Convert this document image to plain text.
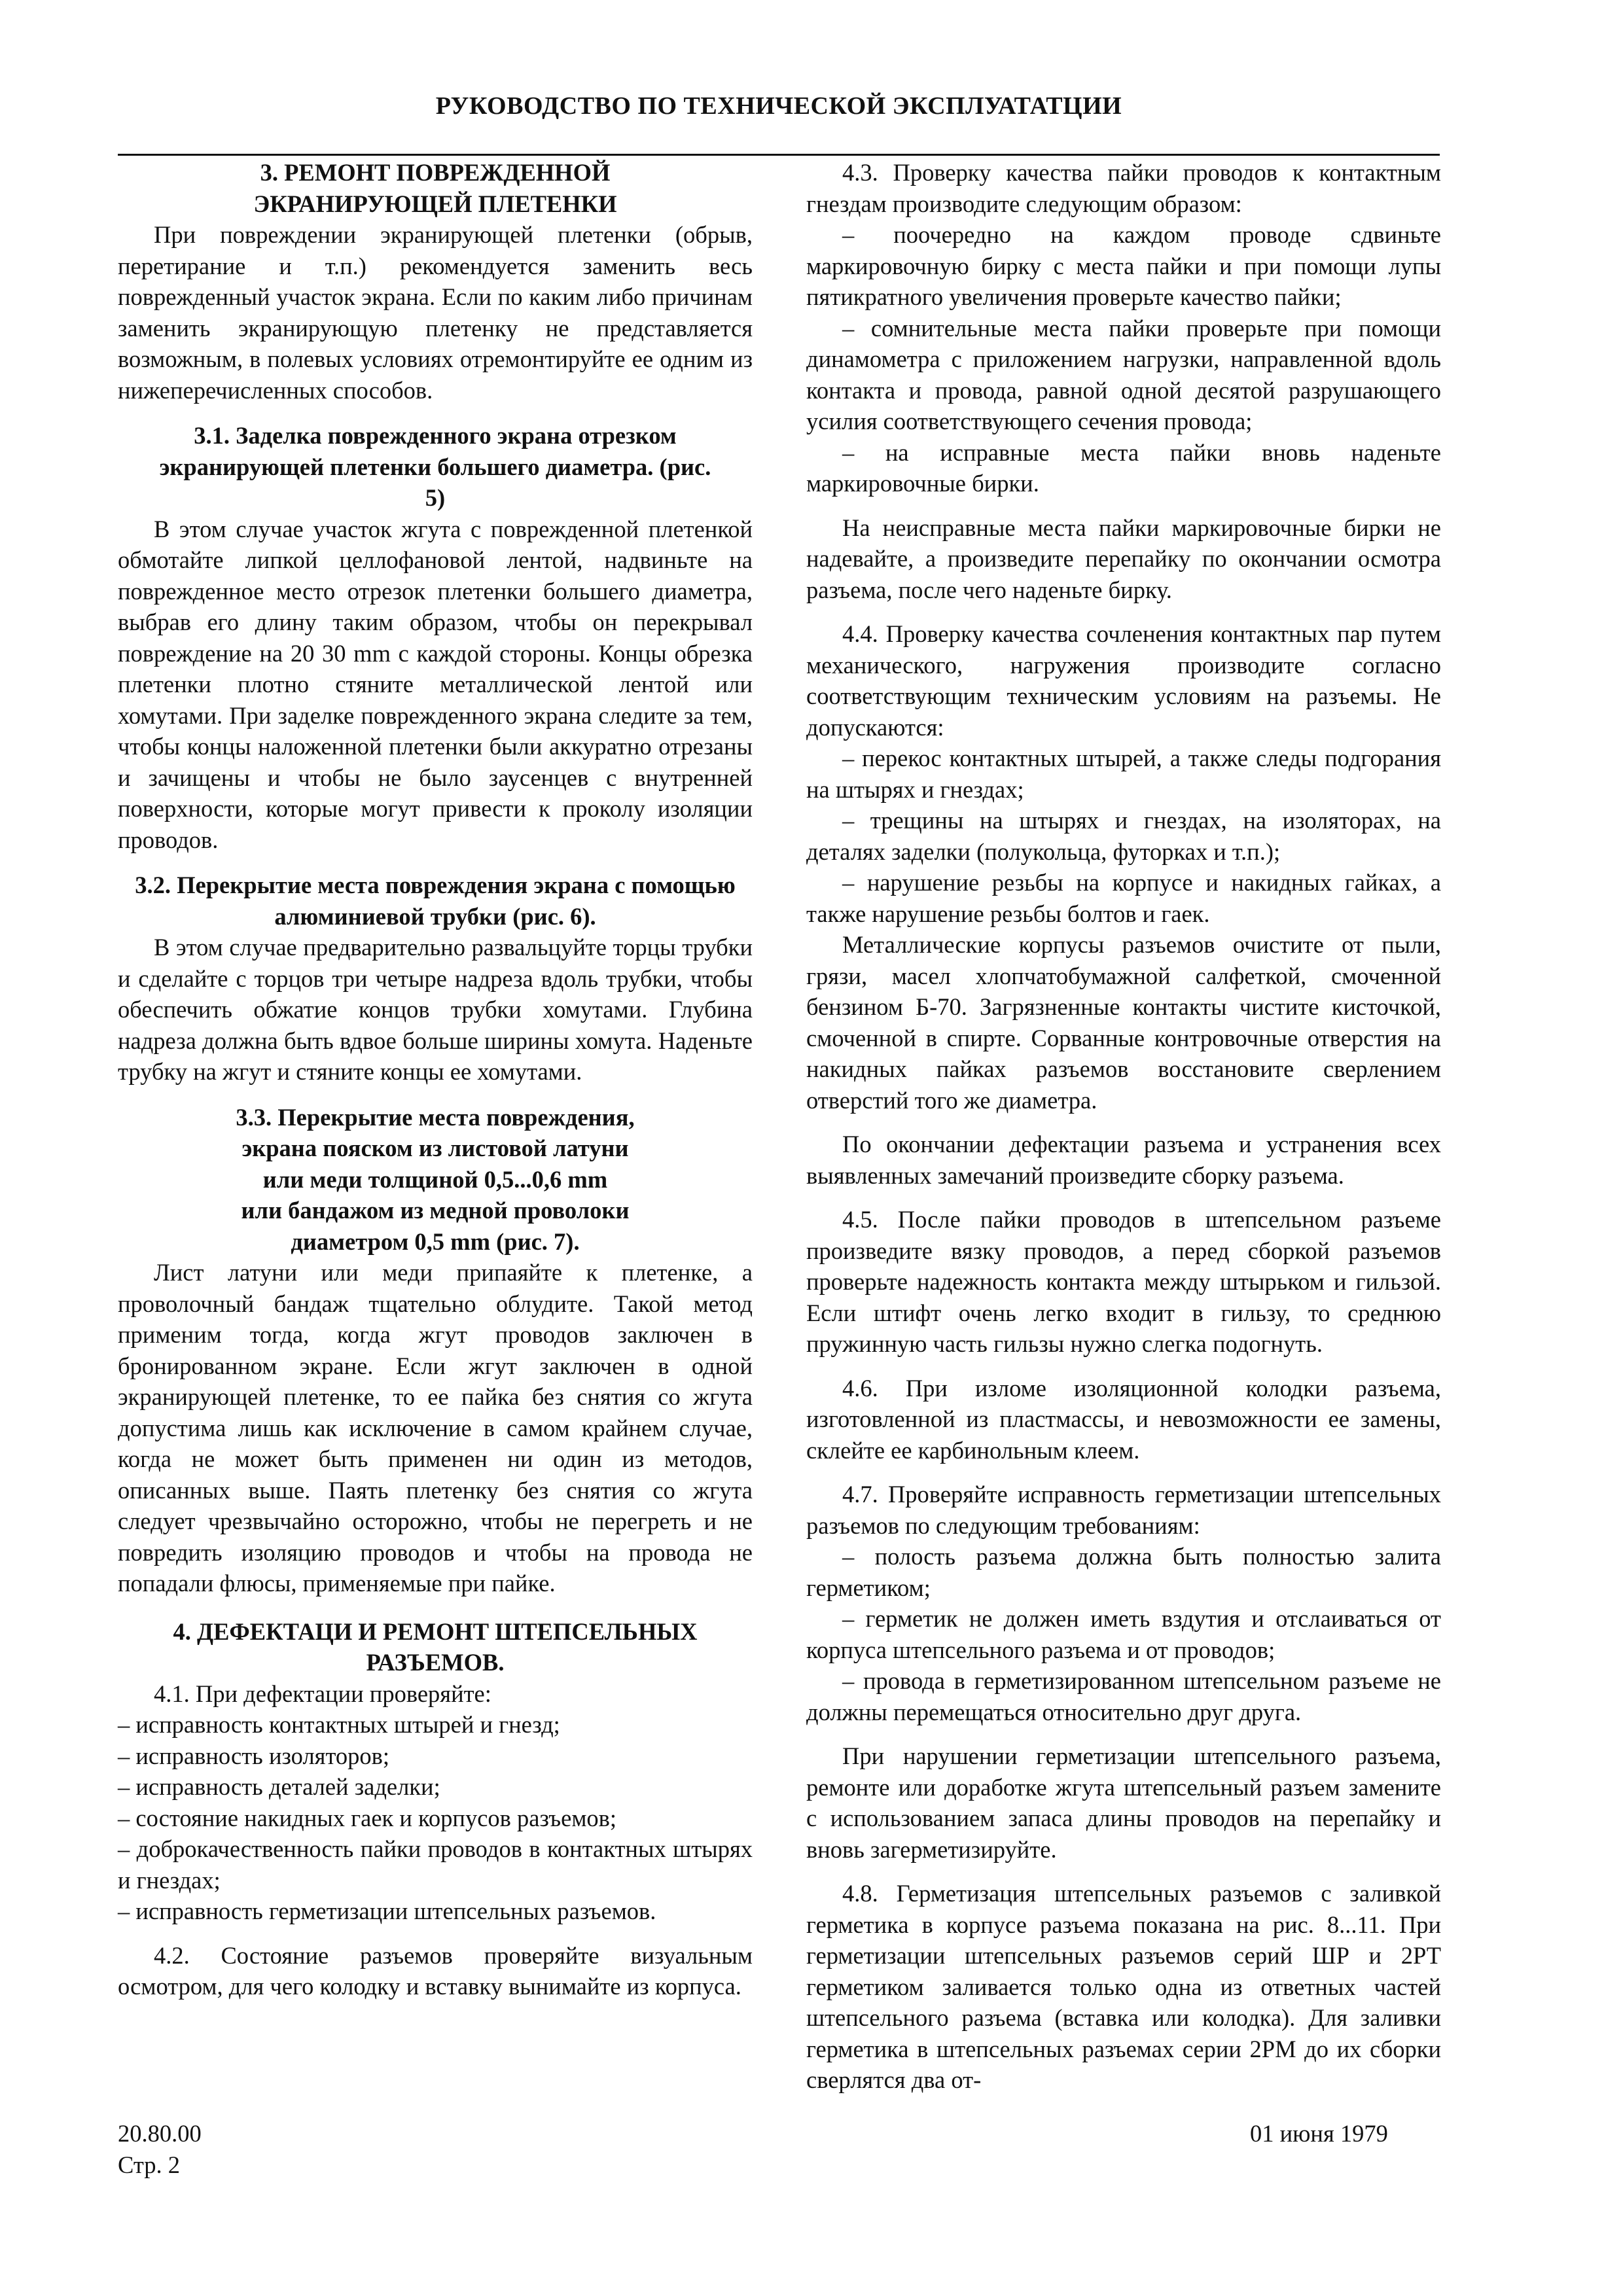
РУКОВОДСТВО ПО ТЕХНИЧЕСКОЙ ЭКСПЛУАТАТЦИИ

3. РЕМОНТ ПОВРЕЖДЕННОЙ ЭКРАНИРУЮЩЕЙ ПЛЕТЕНКИ

При повреждении экранирующей плетенки (обрыв, перетирание и т.п.) рекомендуется заменить весь поврежденный участок экрана. Если по каким либо причинам заменить экранирующую плетенку не представляется возможным, в полевых условиях отремонтируйте ее одним из нижеперечисленных способов.

3.1. Заделка поврежденного экрана отрезком экранирующей плетенки большего диаметра. (рис. 5)

В этом случае участок жгута с поврежденной плетенкой обмотайте липкой целлофановой лентой, надвиньте на поврежденное место отрезок плетенки большего диаметра, выбрав его длину таким образом, чтобы он перекрывал повреждение на 20 30 mm с каждой стороны. Концы обрезка плетенки плотно стяните металлической лентой или хомутами. При заделке поврежденного экрана следите за тем, чтобы концы наложенной плетенки были аккуратно отрезаны и зачищены и чтобы не было заусенцев с внутренней поверхности, которые могут привести к проколу изоляции проводов.

3.2. Перекрытие места повреждения экрана с помощью алюминиевой трубки (рис. 6).

В этом случае предварительно развальцуйте торцы трубки и сделайте с торцов три четыре надреза вдоль трубки, чтобы обеспечить обжатие концов трубки хомутами. Глубина надреза должна быть вдвое больше ширины хомута. Наденьте трубку на жгут и стяните концы ее хомутами.

3.3. Перекрытие места повреждения,

экрана пояском из листовой латуни

или меди толщиной 0,5...0,6 mm

или бандажом из медной проволоки

диаметром 0,5 mm (рис. 7).

Лист латуни или меди припаяйте к плетенке, а проволочный бандаж тщательно облудите. Такой метод применим тогда, когда жгут проводов заключен в бронированном экране. Если жгут заключен в одной экранирующей плетенке, то ее пайка без снятия со жгута допустима лишь как исключение в самом крайнем случае, когда не может быть применен ни один из методов, описанных выше. Паять плетенку без снятия со жгута следует чрезвычайно осторожно, чтобы не перегреть и не повредить изоляцию проводов и чтобы на провода не попадали флюсы, применяемые при пайке.

4. ДЕФЕКТАЦИ И РЕМОНТ ШТЕПСЕЛЬНЫХ РАЗЪЕМОВ.

4.1. При дефектации проверяйте:

– исправность контактных штырей и гнезд;

– исправность изоляторов;

– исправность деталей заделки;

– состояние накидных гаек и корпусов разъемов;

– доброкачественность пайки проводов в контактных штырях и гнездах;

– исправность герметизации штепсельных разъемов.

4.2. Состояние разъемов проверяйте визуальным осмотром, для чего колодку и вставку вынимайте из корпуса.

4.3. Проверку качества пайки проводов к контактным гнездам производите следующим образом:

– поочередно на каждом проводе сдвиньте маркировочную бирку с места пайки и при помощи лупы пятикратного увеличения проверьте качество пайки;

– сомнительные места пайки проверьте при помощи динамометра с приложением нагрузки, направленной вдоль контакта и провода, равной одной десятой разрушающего усилия соответствующего сечения провода;

– на исправные места пайки вновь наденьте маркировочные бирки.

На неисправные места пайки маркировочные бирки не надевайте, а произведите перепайку по окончании осмотра разъема, после чего наденьте бирку.

4.4. Проверку качества сочленения контактных пар путем механического, нагружения производите согласно соответствующим техническим условиям на разъемы. Не допускаются:

– перекос контактных штырей, а также следы подгорания на штырях и гнездах;

– трещины на штырях и гнездах, на изоляторах, на деталях заделки (полукольца, футорках и т.п.);

– нарушение резьбы на корпусе и накидных гайках, а также нарушение резьбы болтов и гаек.

Металлические корпусы разъемов очистите от пыли, грязи, масел хлопчатобумажной салфеткой, смоченной бензином Б-70. Загрязненные контакты чистите кисточкой, смоченной в спирте. Сорванные контровочные отверстия на накидных пайках разъемов восстановите сверлением отверстий того же диаметра.

По окончании дефектации разъема и устранения всех выявленных замечаний произведите сборку разъема.

4.5. После пайки проводов в штепсельном разъеме произведите вязку проводов, а перед сборкой разъемов проверьте надежность контакта между штырьком и гильзой. Если штифт очень легко входит в гильзу, то среднюю пружинную часть гильзы нужно слегка подогнуть.

4.6. При изломе изоляционной колодки разъема, изготовленной из пластмассы, и невозможности ее замены, склейте ее карбинольным клеем.

4.7. Проверяйте исправность герметизации штепсельных разъемов по следующим требованиям:

– полость разъема должна быть полностью залита герметиком;

– герметик не должен иметь вздутия и отслаиваться от корпуса штепсельного разъема и от проводов;

– провода в герметизированном штепсельном разъеме не должны перемещаться относительно друг друга.

При нарушении герметизации штепсельного разъема, ремонте или доработке жгута штепсельный разъем замените с использованием запаса длины проводов на перепайку и вновь загерметизируйте.

4.8. Герметизация штепсельных разъемов с заливкой герметика в корпусе разъема показана на рис. 8...11. При герметизации штепсельных разъемов серий ШР и 2РТ герметиком заливается только одна из ответных частей штепсельного разъема (вставка или колодка). Для заливки герметика в штепсельных разъемах серии 2РМ до их сборки сверлятся два от-

20.80.00
Стр. 2
01 июня 1979
